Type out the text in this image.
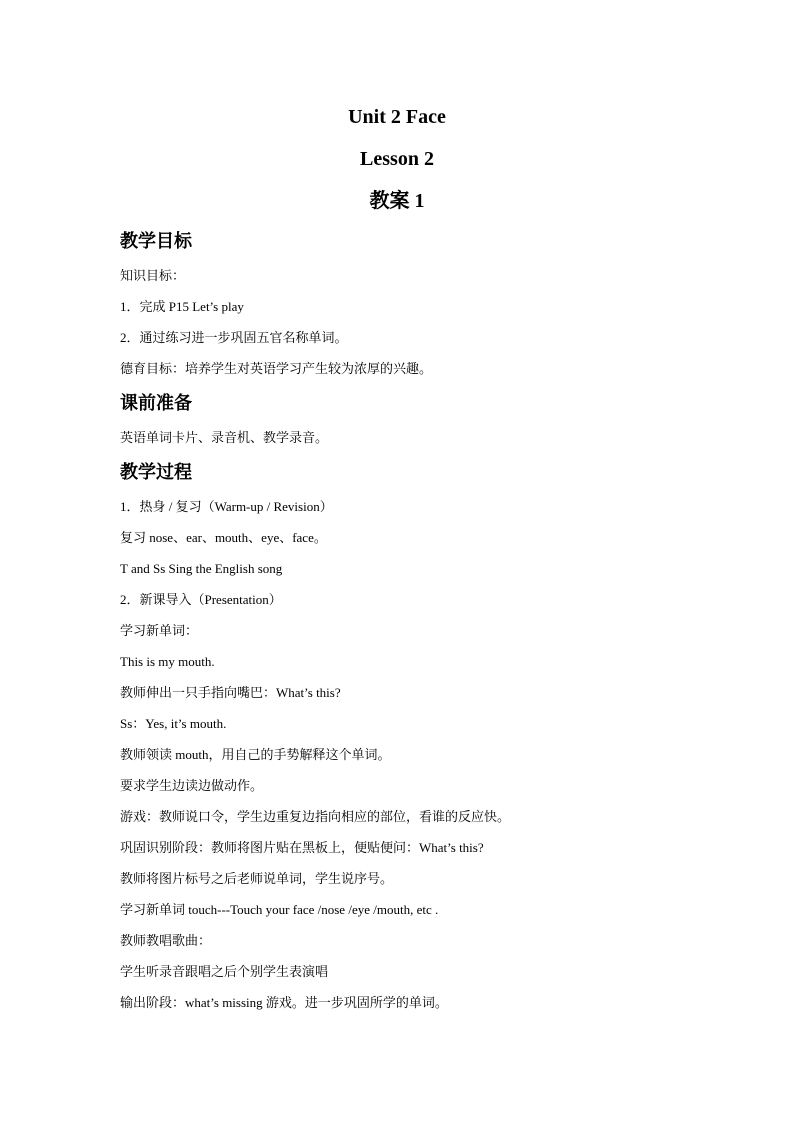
Unit 2 Face
Lesson 2
教案 1
教学目标
知识目标：
1．完成 P15 Let’s play
2．通过练习进一步巩固五官名称单词。
德育目标：培养学生对英语学习产生较为浓厚的兴趣。
课前准备
英语单词卡片、录音机、教学录音。
教学过程
1．热身 / 复习（Warm-up / Revision）
复习 nose、ear、mouth、eye、face。
T and Ss Sing the English song
2．新课导入（Presentation）
学习新单词：
This is my mouth.
教师伸出一只手指向嘴巴：What’s this?
Ss：Yes, it’s mouth.
教师领读 mouth，用自己的手势解释这个单词。
要求学生边读边做动作。
游戏：教师说口令，学生边重复边指向相应的部位，看谁的反应快。
巩固识别阶段：教师将图片贴在黑板上，便贴便问：What’s this?
教师将图片标号之后老师说单词，学生说序号。
学习新单词 touch---Touch your face /nose /eye /mouth, etc .
教师教唱歌曲：
学生听录音跟唱之后个别学生表演唱
输出阶段：what’s missing 游戏。进一步巩固所学的单词。
